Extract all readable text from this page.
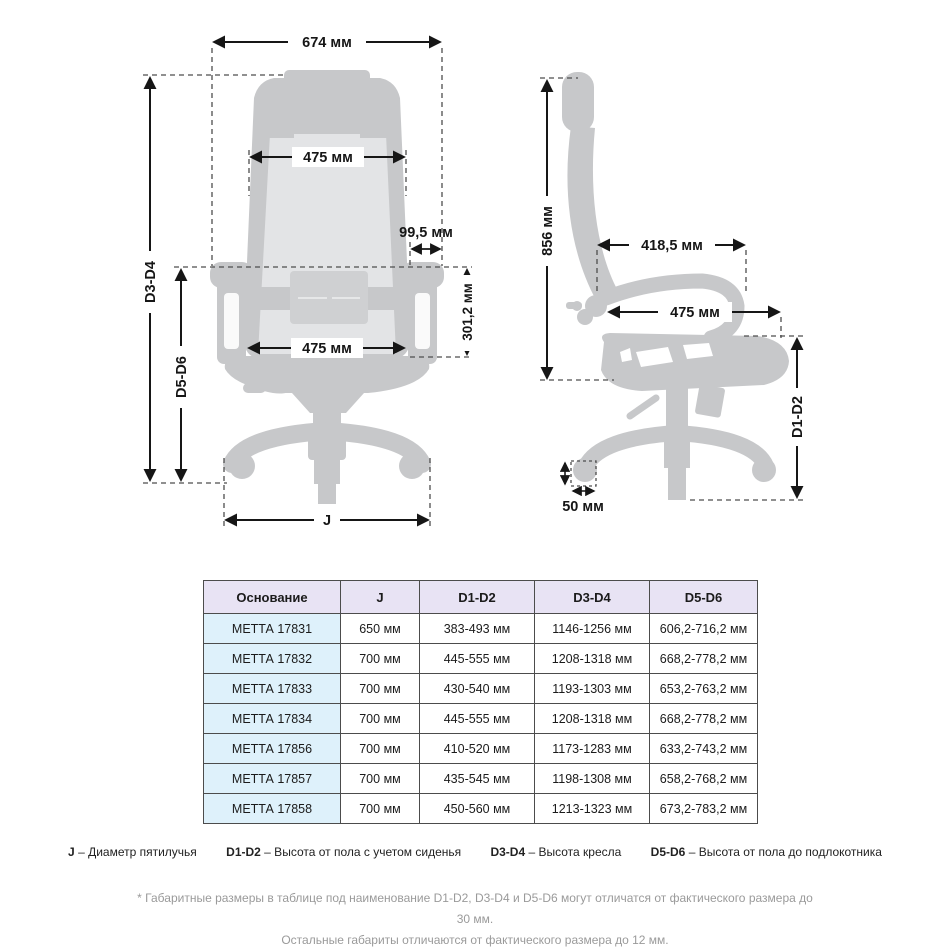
674 мм
D3-D4
D5-D6
475 мм
99,5 мм
301,2 мм
475 мм
J
856 мм	418,5 мм
475 мм
D1-D2
50 мм
Основание	J	D1-D2	D3-D4	D5-D6
МЕТТА 17831	650 мм	383-493 мм	1146-1256 мм	606,2-716,2 мм
МЕТТА 17832	700 мм	445-555 мм	1208-1318 мм	668,2-778,2 мм
МЕТТА 17833	700 мм	430-540 мм	1193-1303 мм	653,2-763,2 мм
МЕТТА 17834	700 мм	445-555 мм	1208-1318 мм	668,2-778,2 мм
МЕТТА 17856	700 мм	410-520 мм	1173-1283 мм	633,2-743,2 мм
МЕТТА 17857	700 мм	435-545 мм	1198-1308 мм	658,2-768,2 мм
МЕТТА 17858	700 мм	450-560 мм	1213-1323 мм	673,2-783,2 мм
J – Диаметр пятилучья D1-D2 – Высота от пола с учетом сиденья D3-D4 – Высота кресла D5-D6 – Высота от пола до подлокотника
* Габаритные размеры в таблице под наименование D1-D2, D3-D4 и D5-D6 могут отличатся от фактического размера до 30 мм.
Остальные габариты отличаются от фактического размера до 12 мм.
